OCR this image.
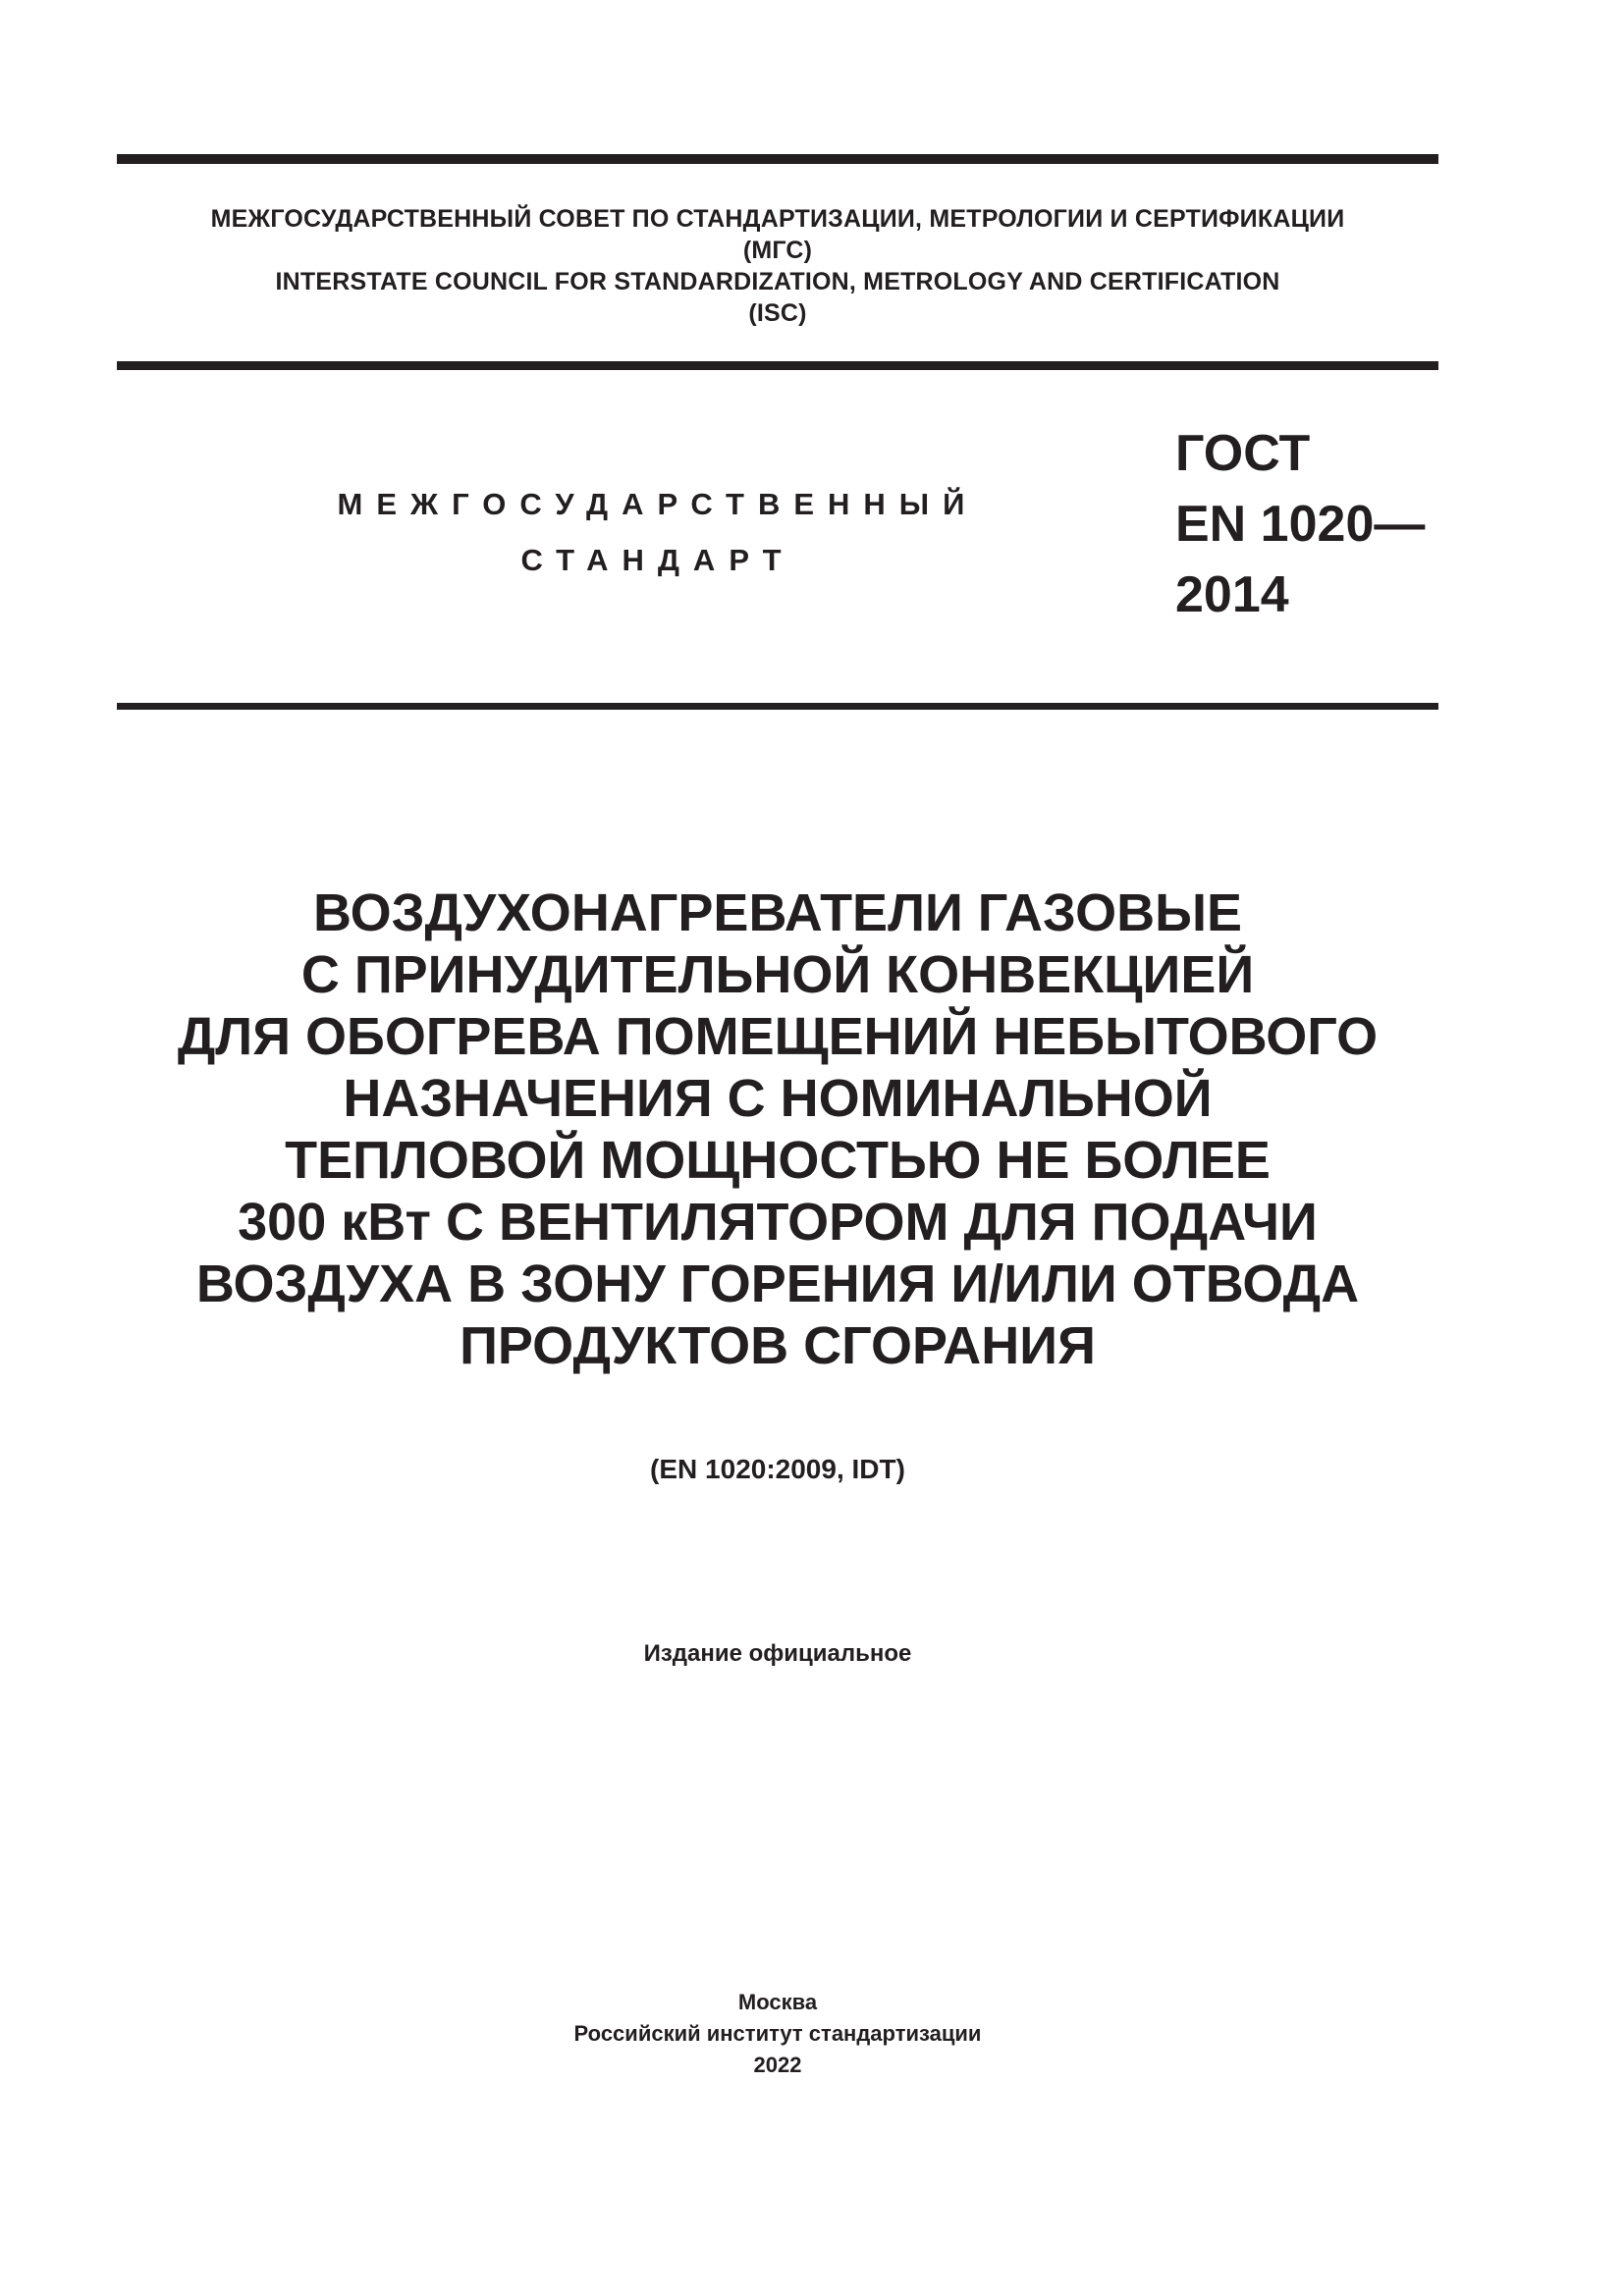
МЕЖГОСУДАРСТВЕННЫЙ СОВЕТ ПО СТАНДАРТИЗАЦИИ, МЕТРОЛОГИИ И СЕРТИФИКАЦИИ
(МГС)
INTERSTATE COUNCIL FOR STANDARDIZATION, METROLOGY AND CERTIFICATION
(ISC)
МЕЖГОСУДАРСТВЕННЫЙ
СТАНДАРТ
ГОСТ
EN 1020—
2014
ВОЗДУХОНАГРЕВАТЕЛИ ГАЗОВЫЕ
С ПРИНУДИТЕЛЬНОЙ КОНВЕКЦИЕЙ
ДЛЯ ОБОГРЕВА ПОМЕЩЕНИЙ НЕБЫТОВОГО
НАЗНАЧЕНИЯ С НОМИНАЛЬНОЙ
ТЕПЛОВОЙ МОЩНОСТЬЮ НЕ БОЛЕЕ
300 кВт С ВЕНТИЛЯТОРОМ ДЛЯ ПОДАЧИ
ВОЗДУХА В ЗОНУ ГОРЕНИЯ И/ИЛИ ОТВОДА
ПРОДУКТОВ СГОРАНИЯ
(EN 1020:2009, IDT)
Издание официальное
Москва
Российский институт стандартизации
2022
